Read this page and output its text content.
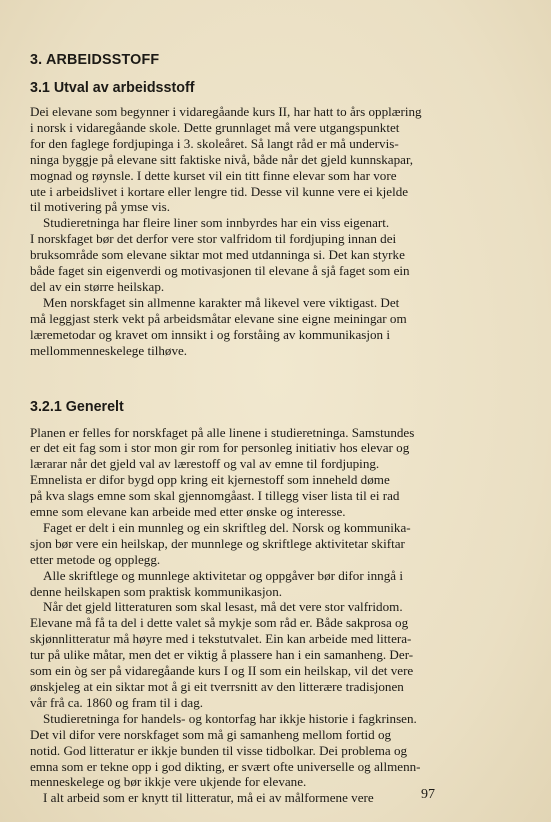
3. ARBEIDSSTOFF
3.1 Utval av arbeidsstoff
Dei elevane som begynner i vidaregåande kurs II, har hatt to års opplæring
i norsk i vidaregåande skole. Dette grunnlaget må vere utgangspunktet
for den faglege fordjupinga i 3. skoleåret. Så langt råd er må undervis-
ninga byggje på elevane sitt faktiske nivå, både når det gjeld kunnskapar,
mognad og røynsle. I dette kurset vil ein titt finne elevar som har vore
ute i arbeidslivet i kortare eller lengre tid. Desse vil kunne vere ei kjelde
til motivering på ymse vis.
Studieretninga har fleire liner som innbyrdes har ein viss eigenart.
I norskfaget bør det derfor vere stor valfridom til fordjuping innan dei
bruksområde som elevane siktar mot med utdanninga si. Det kan styrke
både faget sin eigenverdi og motivasjonen til elevane å sjå faget som ein
del av ein større heilskap.
Men norskfaget sin allmenne karakter må likevel vere viktigast. Det
må leggjast sterk vekt på arbeidsmåtar elevane sine eigne meiningar om
læremetodar og kravet om innsikt i og forståing av kommunikasjon i
mellommenneskelege tilhøve.
3.2.1 Generelt
Planen er felles for norskfaget på alle linene i studieretninga. Samstundes
er det eit fag som i stor mon gir rom for personleg initiativ hos elevar og
lærarar når det gjeld val av lærestoff og val av emne til fordjuping.
Emnelista er difor bygd opp kring eit kjernestoff som inneheld døme
på kva slags emne som skal gjennomgåast. I tillegg viser lista til ei rad
emne som elevane kan arbeide med etter ønske og interesse.
Faget er delt i ein munnleg og ein skriftleg del. Norsk og kommunika-
sjon bør vere ein heilskap, der munnlege og skriftlege aktivitetar skiftar
etter metode og opplegg.
Alle skriftlege og munnlege aktivitetar og oppgåver bør difor inngå i
denne heilskapen som praktisk kommunikasjon.
Når det gjeld litteraturen som skal lesast, må det vere stor valfridom.
Elevane må få ta del i dette valet så mykje som råd er. Både sakprosa og
skjønnlitteratur må høyre med i tekstutvalet. Ein kan arbeide med littera-
tur på ulike måtar, men det er viktig å plassere han i ein samanheng. Der-
som ein òg ser på vidaregåande kurs I og II som ein heilskap, vil det vere
ønskjeleg at ein siktar mot å gi eit tverrsnitt av den litterære tradisjonen
vår frå ca. 1860 og fram til i dag.
Studieretninga for handels- og kontorfag har ikkje historie i fagkrinsen.
Det vil difor vere norskfaget som må gi samanheng mellom fortid og
notid. God litteratur er ikkje bunden til visse tidbolkar. Dei problema og
emna som er tekne opp i god dikting, er svært ofte universelle og allmenn-
menneskelege og bør ikkje vere ukjende for elevane.
I alt arbeid som er knytt til litteratur, må ei av målformene vere	97
